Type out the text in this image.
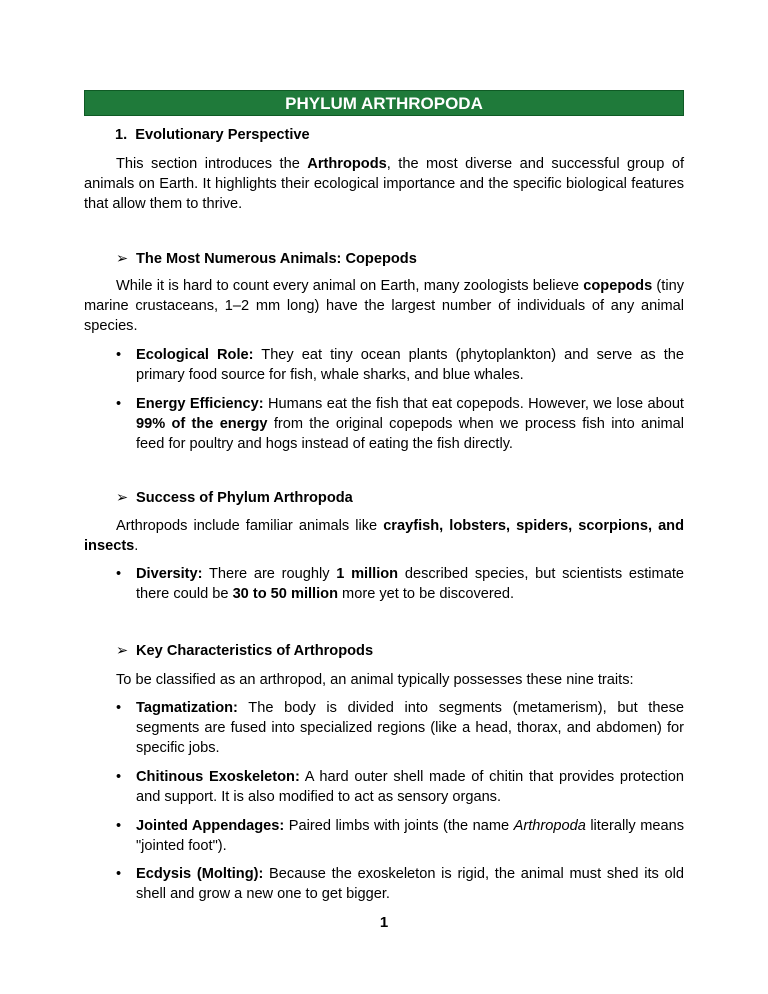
PHYLUM ARTHROPODA
1. Evolutionary Perspective
This section introduces the Arthropods, the most diverse and successful group of animals on Earth. It highlights their ecological importance and the specific biological features that allow them to thrive.
➢ The Most Numerous Animals: Copepods
While it is hard to count every animal on Earth, many zoologists believe copepods (tiny marine crustaceans, 1–2 mm long) have the largest number of individuals of any animal species.
• Ecological Role: They eat tiny ocean plants (phytoplankton) and serve as the primary food source for fish, whale sharks, and blue whales.
• Energy Efficiency: Humans eat the fish that eat copepods. However, we lose about 99% of the energy from the original copepods when we process fish into animal feed for poultry and hogs instead of eating the fish directly.
➢ Success of Phylum Arthropoda
Arthropods include familiar animals like crayfish, lobsters, spiders, scorpions, and insects.
• Diversity: There are roughly 1 million described species, but scientists estimate there could be 30 to 50 million more yet to be discovered.
➢ Key Characteristics of Arthropods
To be classified as an arthropod, an animal typically possesses these nine traits:
• Tagmatization: The body is divided into segments (metamerism), but these segments are fused into specialized regions (like a head, thorax, and abdomen) for specific jobs.
• Chitinous Exoskeleton: A hard outer shell made of chitin that provides protection and support. It is also modified to act as sensory organs.
• Jointed Appendages: Paired limbs with joints (the name Arthropoda literally means "jointed foot").
• Ecdysis (Molting): Because the exoskeleton is rigid, the animal must shed its old shell and grow a new one to get bigger.
1
